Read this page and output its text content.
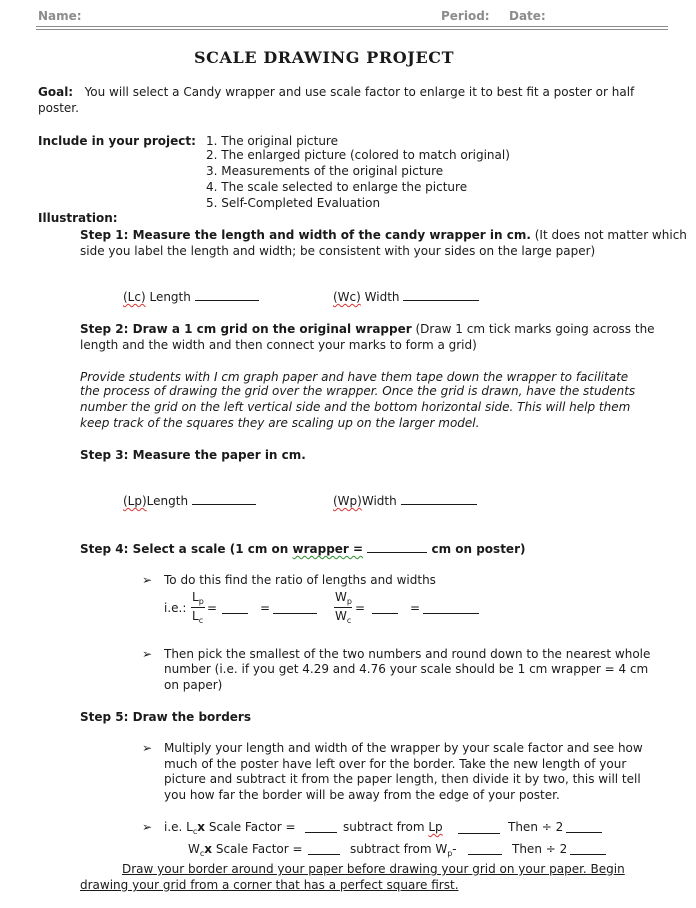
Name:	Period: Date:
SCALE DRAWING PROJECT
Goal: You will select a Candy wrapper and use scale factor to enlarge it to best fit a poster or half
poster.
Include in your project: 1. The original picture
2. The enlarged picture (colored to match original)
3. Measurements of the original picture
4. The scale selected to enlarge the picture
5. Self-Completed Evaluation
Illustration:
Step 1: Measure the length and width of the candy wrapper in cm. (It does not matter which
side you label the length and width; be consistent with your sides on the large paper)
(Lc) Length	(Wc) Width
Step 2: Draw a 1 cm grid on the original wrapper (Draw 1 cm tick marks going across the
length and the width and then connect your marks to form a grid)
Provide students with I cm graph paper and have them tape down the wrapper to facilitate
the process of drawing the grid over the wrapper. Once the grid is drawn, have the students
number the grid on the left vertical side and the bottom horizontal side. This will help them
keep track of the squares they are scaling up on the larger model.
Step 3: Measure the paper in cm.
(Lp)Length	(Wp)Width
Step 4: Select a scale (1 cm on wrapper =	cm on poster)
➢ To do this find the ratio of lengths and widths
i.e.:
$L_p$
$L_c$
=	=
$W_p$
$W_c$
=	=
➢ Then pick the smallest of the two numbers and round down to the nearest whole
number (i.e. if you get 4.29 and 4.76 your scale should be 1 cm wrapper = 4 cm
on paper)
Step 5: Draw the borders
➢ Multiply your length and width of the wrapper by your scale factor and see how
much of the poster have left over for the border. Take the new length of your
picture and subtract it from the paper length, then divide it by two, this will tell
you how far the border will be away from the edge of your poster.
➢ i.e. $L_cx$ Scale Factor =	subtract from Lp	Then ÷ 2
$W_cx$ Scale Factor =	subtract from $W_p-$	Then ÷ 2
Draw your border around your paper before drawing your grid on your paper. Begin
drawing your grid from a corner that has a perfect square first.
